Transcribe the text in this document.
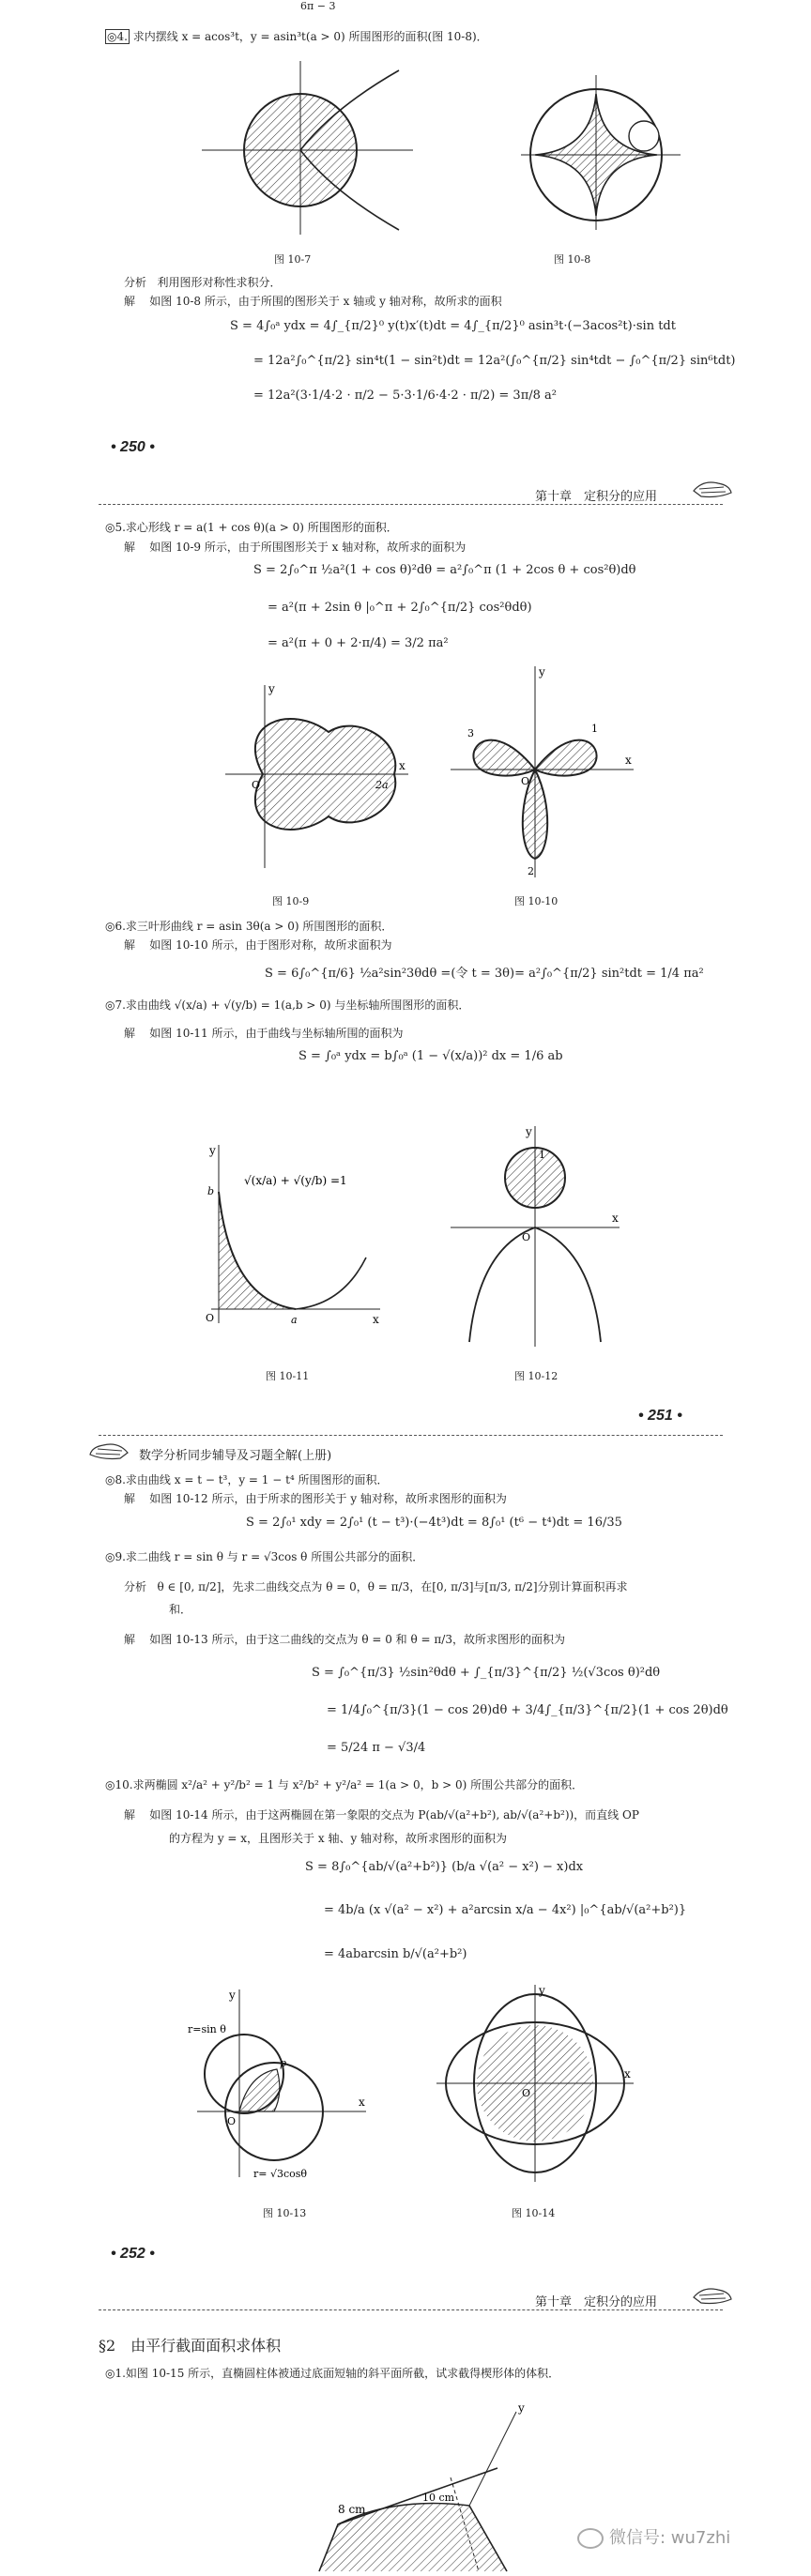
6π − 3
◎4. 求内摆线 x = acos³t，y = asin³t(a > 0) 所围图形的面积(图 10-8)．
图 10-7	图 10-8
分析 利用图形对称性求积分．
解 如图 10-8 所示，由于所围的图形关于 x 轴或 y 轴对称，故所求的面积
S = 4∫₀ᵃ ydx = 4∫_{π/2}⁰ y(t)x′(t)dt = 4∫_{π/2}⁰ asin³t·(−3acos²t)·sin tdt
= 12a²∫₀^{π/2} sin⁴t(1 − sin²t)dt = 12a²(∫₀^{π/2} sin⁴tdt − ∫₀^{π/2} sin⁶tdt)
= 12a²(3·1/4·2 · π/2 − 5·3·1/6·4·2 · π/2) = 3π/8 a²
• 250 •
第十章　定积分的应用
◎5.求心形线 r = a(1 + cos θ)(a > 0) 所围图形的面积．
解 如图 10-9 所示，由于所围图形关于 x 轴对称，故所求的面积为
S = 2∫₀^π ½a²(1 + cos θ)²dθ = a²∫₀^π (1 + 2cos θ + cos²θ)dθ
= a²(π + 2sin θ |₀^π + 2∫₀^{π/2} cos²θdθ)
= a²(π + 0 + 2·π/4) = 3/2 πa²
y
O	2a
x
y
x
O
1
2
3
图 10-9	图 10-10
◎6.求三叶形曲线 r = asin 3θ(a > 0) 所围图形的面积．
解 如图 10-10 所示，由于图形对称，故所求面积为
S = 6∫₀^{π/6} ½a²sin²3θdθ =(令 t = 3θ)= a²∫₀^{π/2} sin²tdt = 1/4 πa²
◎7.求由曲线 √(x/a) + √(y/b) = 1(a,b > 0) 与坐标轴所围图形的面积．
解 如图 10-11 所示，由于曲线与坐标轴所围的面积为
S = ∫₀ᵃ ydx = b∫₀ᵃ (1 − √(x/a))² dx = 1/6 ab
y
b
O	a	x
√(x/a) + √(y/b) =1
y
1
O
x
图 10-11	图 10-12
• 251 •
数学分析同步辅导及习题全解(上册)
◎8.求由曲线 x = t − t³，y = 1 − t⁴ 所围图形的面积．
解 如图 10-12 所示，由于所求的图形关于 y 轴对称，故所求图形的面积为
S = 2∫₀¹ xdy = 2∫₀¹ (t − t³)·(−4t³)dt = 8∫₀¹ (t⁶ − t⁴)dt = 16/35
◎9.求二曲线 r = sin θ 与 r = √3cos θ 所围公共部分的面积．
分析 θ ∈ [0, π/2]，先求二曲线交点为 θ = 0，θ = π/3，在[0, π/3]与[π/3, π/2]分别计算面积再求
和．
解 如图 10-13 所示，由于这二曲线的交点为 θ = 0 和 θ = π/3，故所求图形的面积为
S = ∫₀^{π/3} ½sin²θdθ + ∫_{π/3}^{π/2} ½(√3cos θ)²dθ
= 1/4∫₀^{π/3}(1 − cos 2θ)dθ + 3/4∫_{π/3}^{π/2}(1 + cos 2θ)dθ
= 5/24 π − √3/4
◎10.求两椭圆 x²/a² + y²/b² = 1 与 x²/b² + y²/a² = 1(a > 0，b > 0) 所围公共部分的面积．
解 如图 10-14 所示，由于这两椭圆在第一象限的交点为 P(ab/√(a²+b²), ab/√(a²+b²))，而直线 OP
的方程为 y = x，且图形关于 x 轴、y 轴对称，故所求图形的面积为
S = 8∫₀^{ab/√(a²+b²)} (b/a √(a² − x²) − x)dx
= 4b/a (x √(a² − x²) + a²arcsin x/a − 4x²) |₀^{ab/√(a²+b²)}
= 4abarcsin b/√(a²+b²)
y
r=sin θ
p
O
x
r= √3cosθ
y
O
x
图 10-13	图 10-14
• 252 •
第十章　定积分的应用
§2　由平行截面面积求体积
◎1.如图 10-15 所示，直椭圆柱体被通过底面短轴的斜平面所截，试求截得楔形体的体积．
y
8 cm
10 cm
微信号: wu7zhi
